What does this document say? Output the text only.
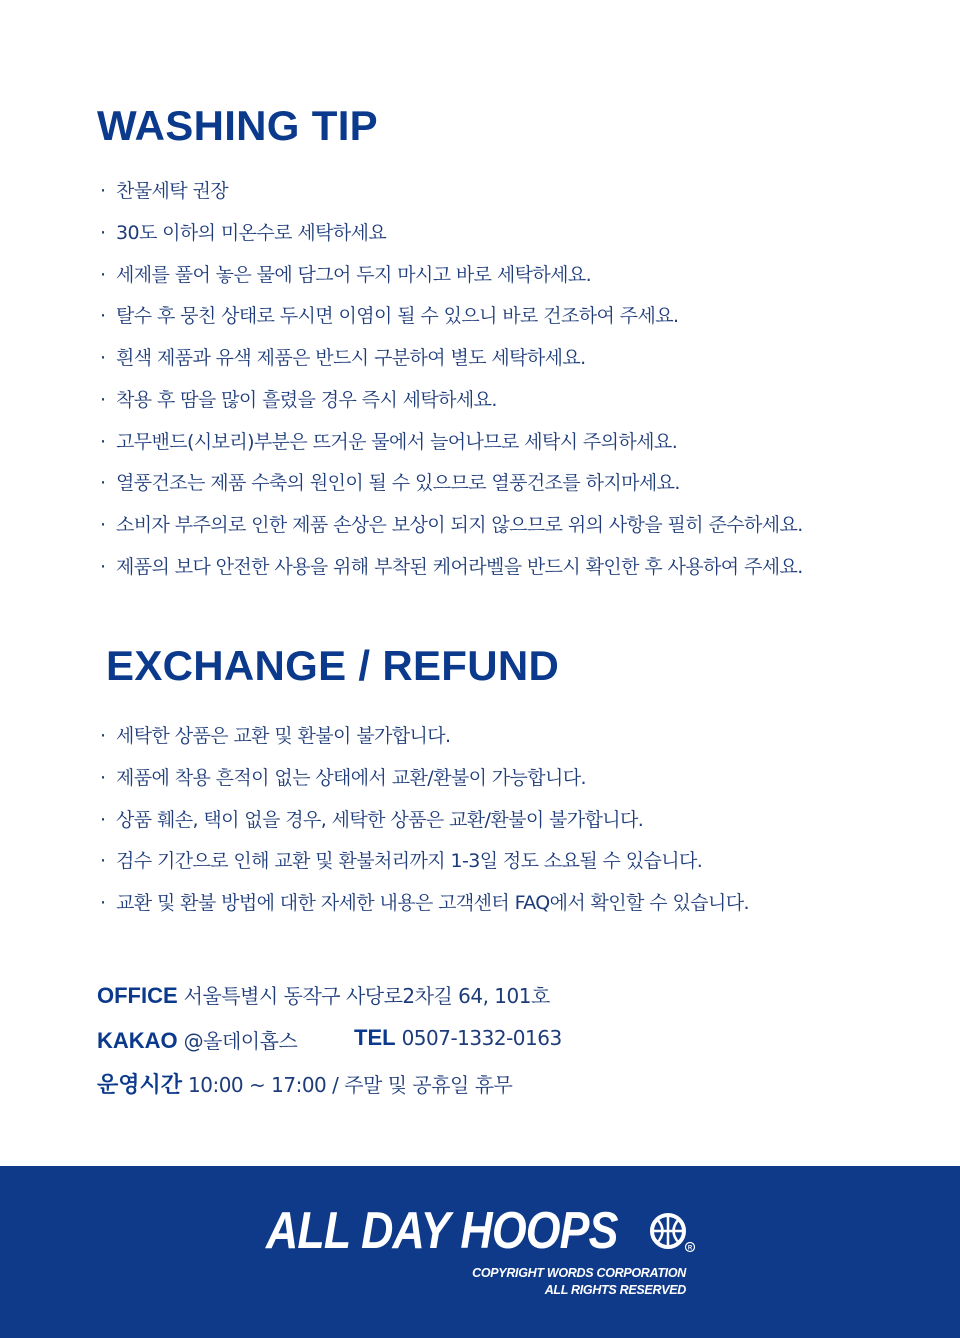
WASHING TIP
· 찬물세탁 권장
· 30도 이하의 미온수로 세탁하세요
· 세제를 풀어 놓은 물에 담그어 두지 마시고 바로 세탁하세요.
· 탈수 후 뭉친 상태로 두시면 이염이 될 수 있으니 바로 건조하여 주세요.
· 흰색 제품과 유색 제품은 반드시 구분하여 별도 세탁하세요.
· 착용 후 땀을 많이 흘렸을 경우 즉시 세탁하세요.
· 고무밴드(시보리)부분은 뜨거운 물에서 늘어나므로 세탁시 주의하세요.
· 열풍건조는 제품 수축의 원인이 될 수 있으므로 열풍건조를 하지마세요.
· 소비자 부주의로 인한 제품 손상은 보상이 되지 않으므로 위의 사항을 필히 준수하세요.
· 제품의 보다 안전한 사용을 위해 부착된 케어라벨을 반드시 확인한 후 사용하여 주세요.
EXCHANGE / REFUND
· 세탁한 상품은 교환 및 환불이 불가합니다.
· 제품에 착용 흔적이 없는 상태에서 교환/환불이 가능합니다.
· 상품 훼손, 택이 없을 경우, 세탁한 상품은 교환/환불이 불가합니다.
· 검수 기간으로 인해 교환 및 환불처리까지 1-3일 정도 소요될 수 있습니다.
· 교환 및 환불 방법에 대한 자세한 내용은 고객센터 FAQ에서 확인할 수 있습니다.
OFFICE 서울특별시 동작구 사당로2차길 64, 101호
KAKAO @올데이홉스	TEL 0507-1332-0163
운영시간 10:00 ~ 17:00 / 주말 및 공휴일 휴무
ALL DAY HOOPS	R
COPYRIGHT WORDS CORPORATION
ALL RIGHTS RESERVED
